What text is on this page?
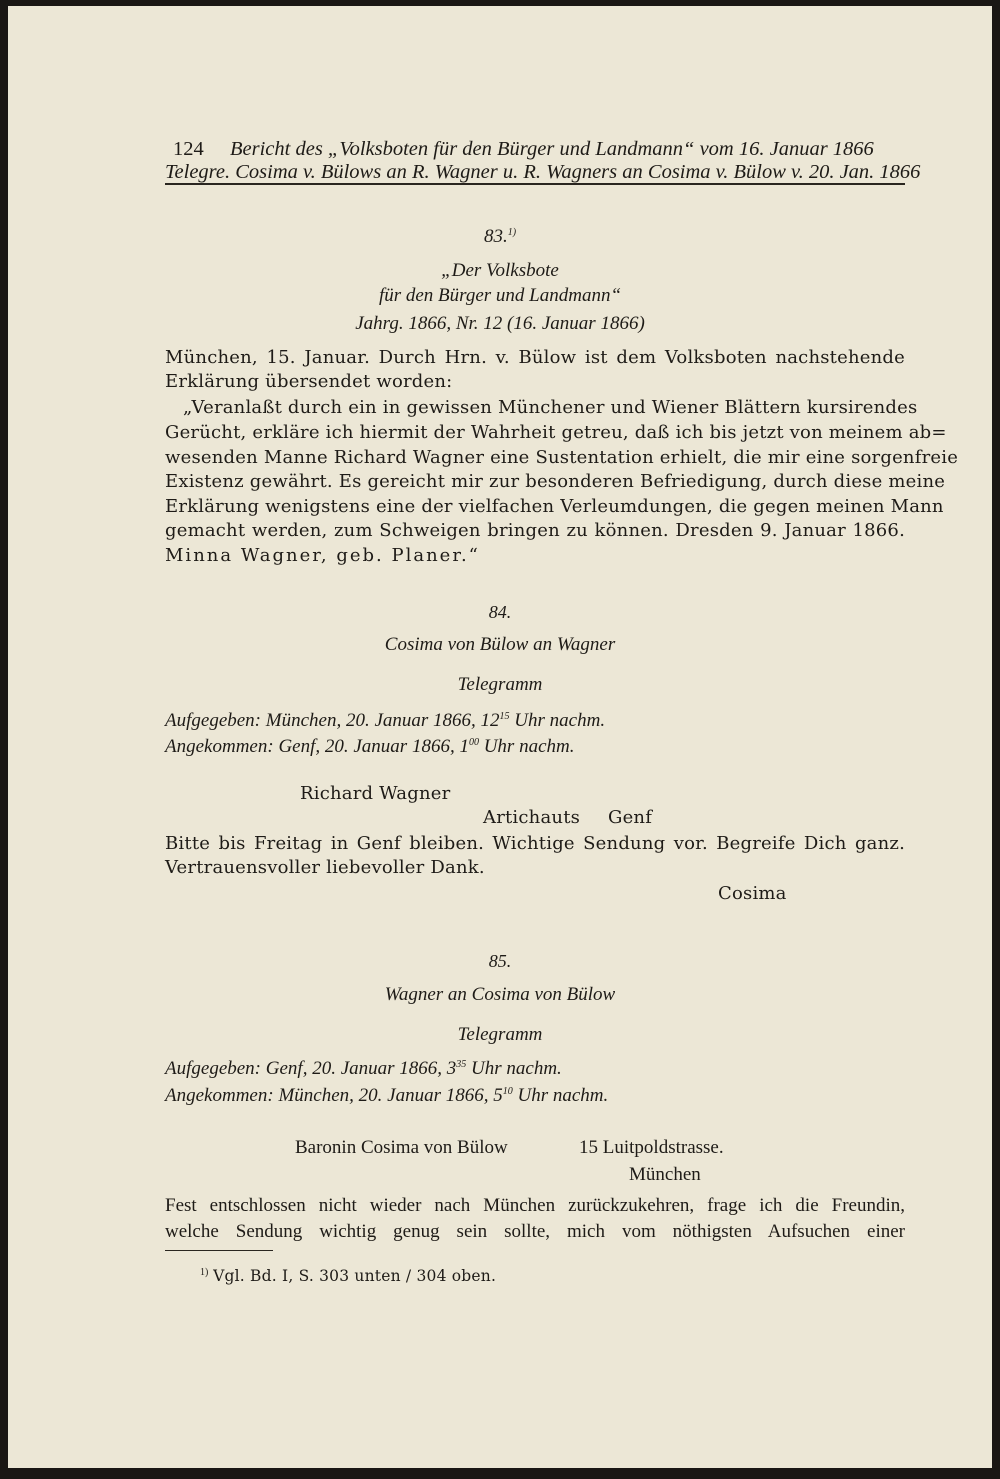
124 Bericht des „Volksboten für den Bürger und Landmann“ vom 16. Januar 1866
Telegre. Cosima v. Bülows an R. Wagner u. R. Wagners an Cosima v. Bülow v. 20. Jan. 1866
83.$^{1)}$
„Der Volksbote
für den Bürger und Landmann“
Jahrg. 1866, Nr. 12 (16. Januar 1866)
München, 15. Januar. Durch Hrn. v. Bülow ist dem Volksboten nachstehende
Erklärung übersendet worden:
„Veranlaßt durch ein in gewissen Münchener und Wiener Blättern kursirendes
Gerücht, erkläre ich hiermit der Wahrheit getreu, daß ich bis jetzt von meinem ab=
wesenden Manne Richard Wagner eine Sustentation erhielt, die mir eine sorgenfreie
Existenz gewährt. Es gereicht mir zur besonderen Befriedigung, durch diese meine
Erklärung wenigstens eine der vielfachen Verleumdungen, die gegen meinen Mann
gemacht werden, zum Schweigen bringen zu können. Dresden 9. Januar 1866.
Minna Wagner, geb. Planer.“
84.
Cosima von Bülow an Wagner
Telegramm
Aufgegeben: München, 20. Januar 1866, $12^{15}$ Uhr nachm.
Angekommen: Genf, 20. Januar 1866, $1^{00}$ Uhr nachm.
Richard Wagner
Artichauts Genf
Bitte bis Freitag in Genf bleiben. Wichtige Sendung vor. Begreife Dich ganz.
Vertrauensvoller liebevoller Dank.
Cosima
85.
Wagner an Cosima von Bülow
Telegramm
Aufgegeben: Genf, 20. Januar 1866, $3^{35}$ Uhr nachm.
Angekommen: München, 20. Januar 1866, $5^{10}$ Uhr nachm.
Baronin Cosima von Bülow	15 Luitpoldstrasse.
München
Fest entschlossen nicht wieder nach München zurückzukehren, frage ich die Freundin,
welche Sendung wichtig genug sein sollte, mich vom nöthigsten Aufsuchen einer
$^{1)}$ Vgl. Bd. I, S. 303 unten / 304 oben.
